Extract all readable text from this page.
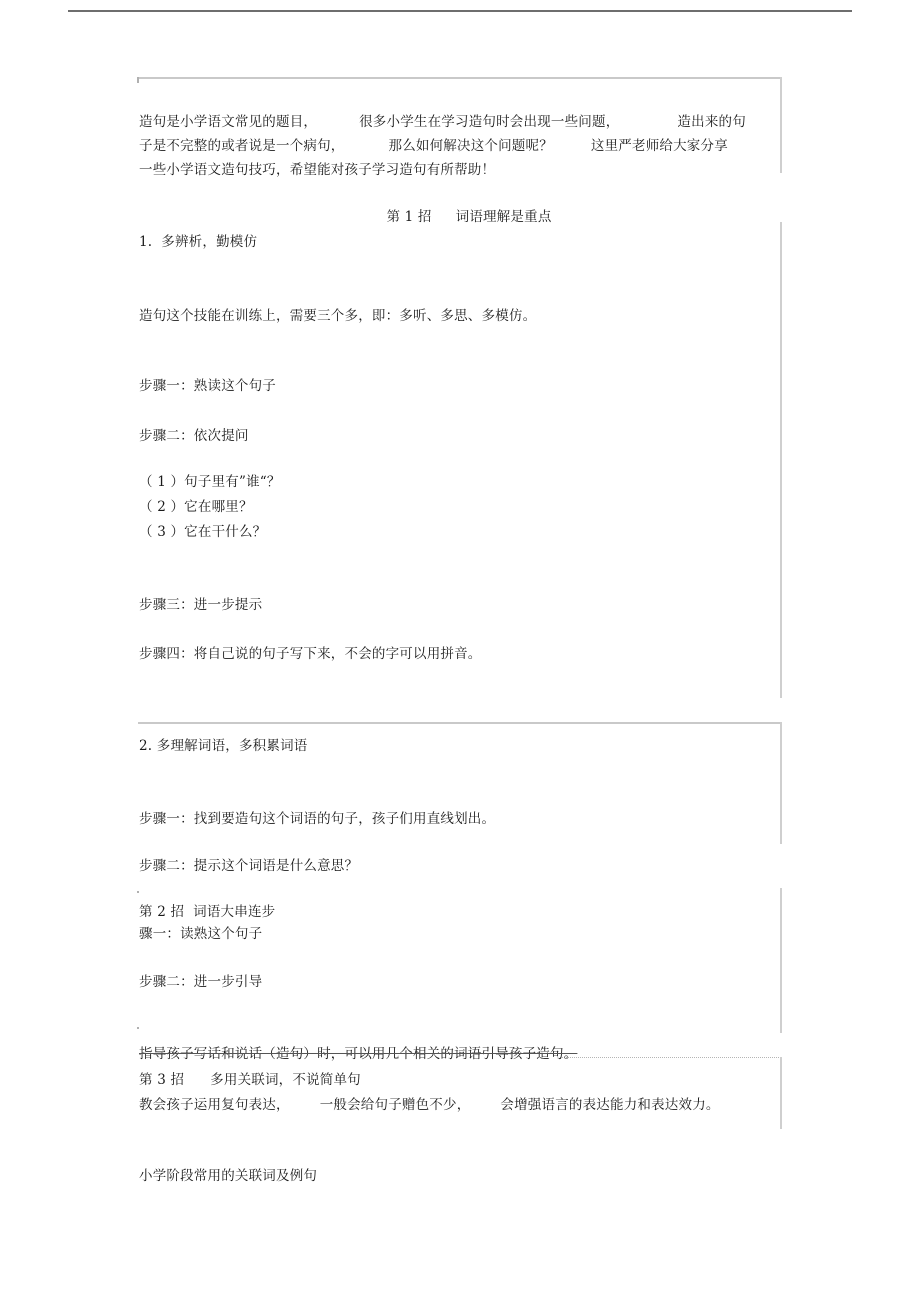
造句是小学语文常见的题目，	很多小学生在学习造句时会出现一些问题，	造出来的句
子是不完整的或者说是一个病句，	那么如何解决这个问题呢？	这里严老师给大家分享
一些小学语文造句技巧，希望能对孩子学习造句有所帮助！
第 1 招 词语理解是重点
1.  多辨析，勤模仿
造句这个技能在训练上，需要三个多，即：多听、多思、多模仿。
步骤一：熟读这个句子
步骤二：依次提问
（ 1 ）句子里有”谁“？
（ 2 ）它在哪里？
（ 3 ）它在干什么？
步骤三：进一步提示
步骤四：将自己说的句子写下来，不会的字可以用拼音。
2. 多理解词语，多积累词语
步骤一：找到要造句这个词语的句子，孩子们用直线划出。
步骤二：提示这个词语是什么意思？
第 2 招  词语大串连步
骤一：读熟这个句子
步骤二：进一步引导
指导孩子写话和说话（造句）时，可以用几个相关的词语引导孩子造句。
第 3 招 多用关联词，不说简单句
教会孩子运用复句表达， 一般会给句子赠色不少， 会增强语言的表达能力和表达效力。
小学阶段常用的关联词及例句
